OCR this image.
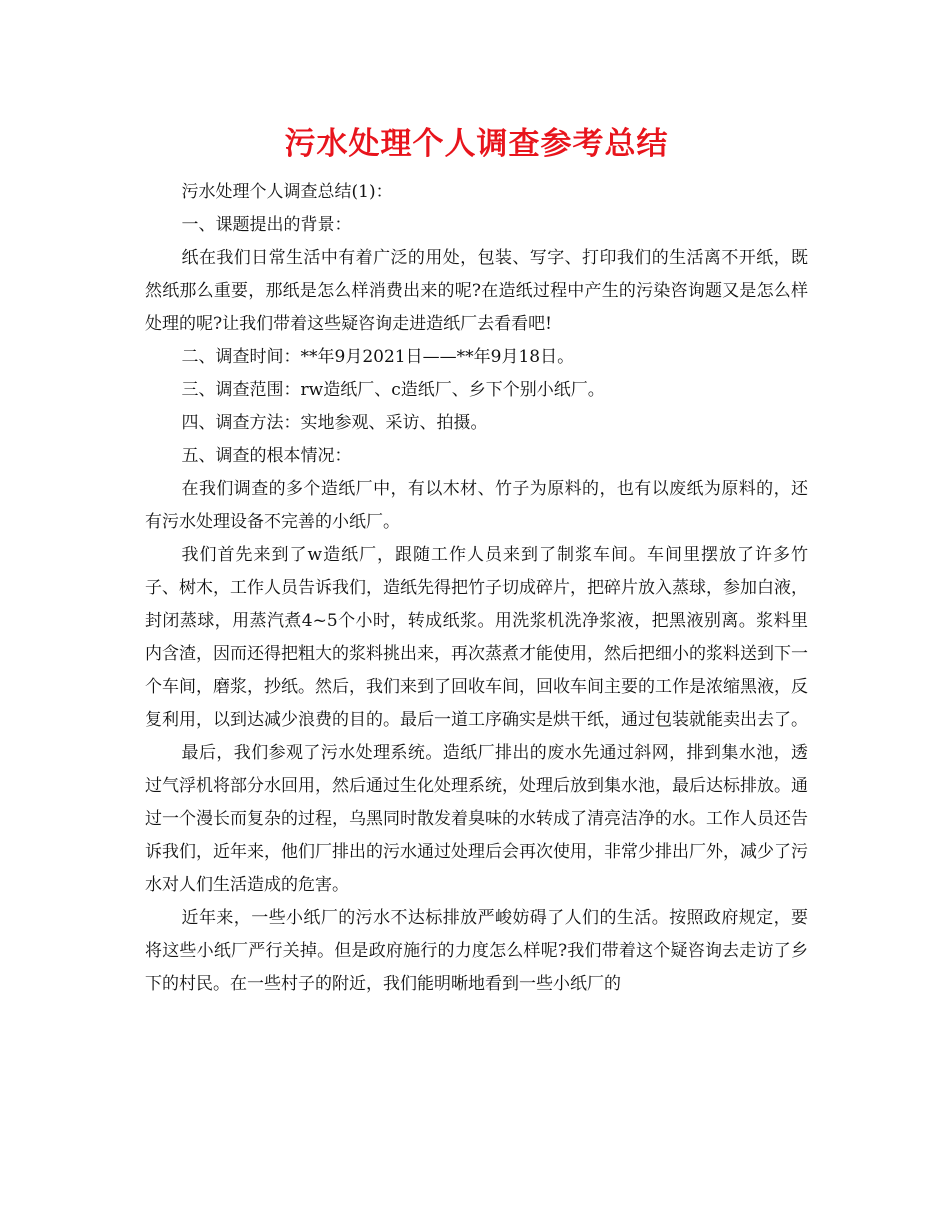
污水处理个人调查参考总结

污水处理个人调查总结(1)：

一、课题提出的背景：

纸在我们日常生活中有着广泛的用处，包装、写字、打印我们的生活离不开纸，既然纸那么重要，那纸是怎么样消费出来的呢?在造纸过程中产生的污染咨询题又是怎么样处理的呢?让我们带着这些疑咨询走进造纸厂去看看吧!

二、调查时间：**年9月2021日——**年9月18日。

三、调查范围：rw造纸厂、c造纸厂、乡下个别小纸厂。

四、调查方法：实地参观、采访、拍摄。

五、调查的根本情况：

在我们调查的多个造纸厂中，有以木材、竹子为原料的，也有以废纸为原料的，还有污水处理设备不完善的小纸厂。

我们首先来到了w造纸厂，跟随工作人员来到了制浆车间。车间里摆放了许多竹子、树木，工作人员告诉我们，造纸先得把竹子切成碎片，把碎片放入蒸球，参加白液，封闭蒸球，用蒸汽煮4~5个小时，转成纸浆。用洗浆机洗净浆液，把黑液别离。浆料里内含渣，因而还得把粗大的浆料挑出来，再次蒸煮才能使用，然后把细小的浆料送到下一个车间，磨浆，抄纸。然后，我们来到了回收车间，回收车间主要的工作是浓缩黑液，反复利用，以到达减少浪费的目的。最后一道工序确实是烘干纸，通过包装就能卖出去了。

最后，我们参观了污水处理系统。造纸厂排出的废水先通过斜网，排到集水池，透过气浮机将部分水回用，然后通过生化处理系统，处理后放到集水池，最后达标排放。通过一个漫长而复杂的过程，乌黑同时散发着臭味的水转成了清亮洁净的水。工作人员还告诉我们，近年来，他们厂排出的污水通过处理后会再次使用，非常少排出厂外，减少了污水对人们生活造成的危害。

近年来，一些小纸厂的污水不达标排放严峻妨碍了人们的生活。按照政府规定，要将这些小纸厂严行关掉。但是政府施行的力度怎么样呢?我们带着这个疑咨询去走访了乡下的村民。在一些村子的附近，我们能明晰地看到一些小纸厂的
